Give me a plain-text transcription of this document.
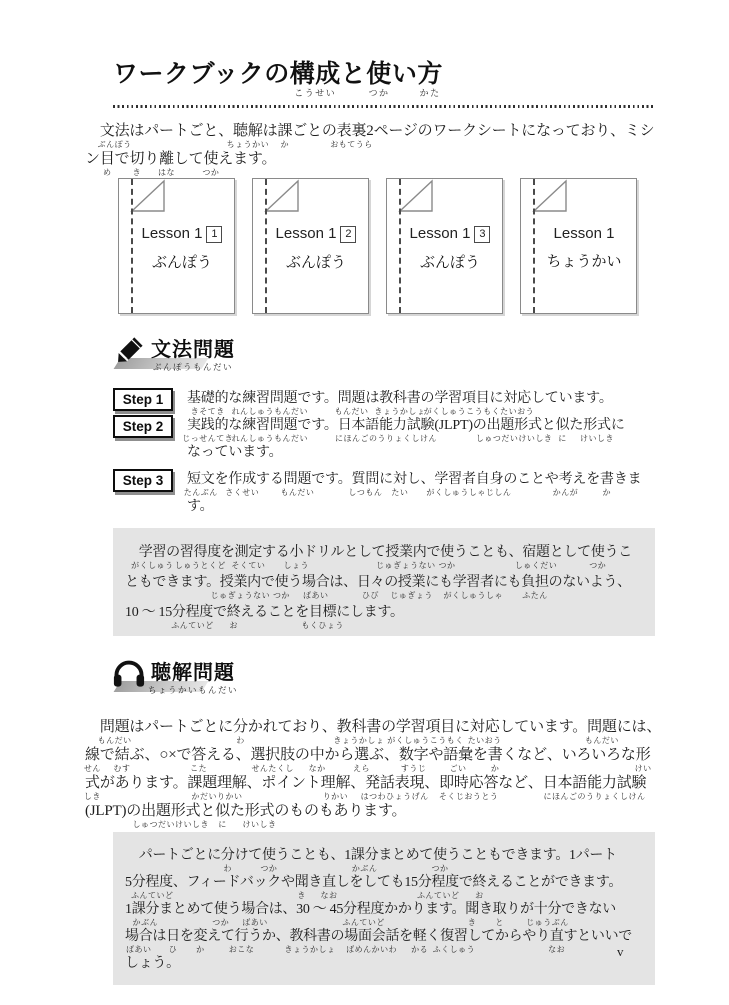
ワークブックの構成
こうせい
と使
つか
い方
かた
　文法
ぶんぽう
はパートごと、聴解
ちょうかい
は課
か
ごとの表裏
おもてうら
2ページのワークシートになっており、ミシ
ン目
め
で切
き
り離
はな
して使
つか
えます。
Lesson 1 1
ぶんぽう
Lesson 1 2
ぶんぽう
Lesson 1 3
ぶんぽう
Lesson 1
ちょうかい
文法問題
ぶんぽうもんだい
Step 1	基礎的
きそてき
な練習問題
れんしゅうもんだい
です。問題
もんだい
は教科書
きょうかしょ
の学習項目
がくしゅうこうもく
に対応
たいおう
しています。
Step 2	実践的
じっせんてき
な練習問題
れんしゅうもんだい
です。日本語能力試験
にほんごのうりょくしけん
(JLPT)の出題形式
しゅつだいけいしき
と似
に
た形式
けいしき
に
なっています。
Step 3	短文
たんぶん
を作成
さくせい
する問題
もんだい
です。質問
しつもん
に対
たい
し、学習者自身
がくしゅうしゃじしん
のことや考
かんが
えを書
か
きま
す。
　学習
がくしゅう
の習得度
しゅうとくど
を測定
そくてい
する小
しょう
ドリルとして授業内
じゅぎょうない
で使
つか
うことも、宿題
しゅくだい
として使
つか
うこ
ともできます。授業内
じゅぎょうない
で使
つか
う場合
ばあい
は、日々
ひび
の授業
じゅぎょう
にも学習者
がくしゅうしゃ
にも負担
ふたん
のないよう、
10 ～ 15分程度
ふんていど
で終
お
えることを目標
もくひょう
にします。
聴解問題
ちょうかいもんだい
　問題
もんだい
はパートごとに分
わ
かれており、教科書
きょうかしょ
の学習項目
がくしゅうこうもく
に対応
たいおう
しています。問題
もんだい
には、
線
せん
で結
むす
ぶ、○×で答
こた
える、選択肢
せんたくし
の中
なか
から選
えら
ぶ、数字
すうじ
や語彙
ごい
を書
か
くなど、いろいろな形
けい
式
しき
があります。課題理解
かだいりかい
、ポイント理解
りかい
、発話表現
はつわひょうげん
、即時応答
そくじおうとう
など、日本語能力試験
にほんごのうりょくしけん
(JLPT)の出題形式
しゅつだいけいしき
と似
に
た形式
けいしき
のものもあります。
　パートごとに分
わ
けて使
つか
うことも、1課分
かぶん
まとめて使
つか
うこともできます。1パート
5分程度
ふんていど
、フィードバックや聞
き
き直
なお
しをしても15分程度
ふんていど
で終
お
えることができます。
1課分
かぶん
まとめて使
つか
う場合
ばあい
は、30 ～ 45分程度
ふんていど
かかります。聞
き
き取
と
りが十分
じゅうぶん
できない
場合
ばあい
は日
ひ
を変
か
えて行
おこな
うか、教科書
きょうかしょ
の場面会話
ばめんかいわ
を軽
かる
く復習
ふくしゅう
してからやり直
なお
すといいで
しょう。
v
